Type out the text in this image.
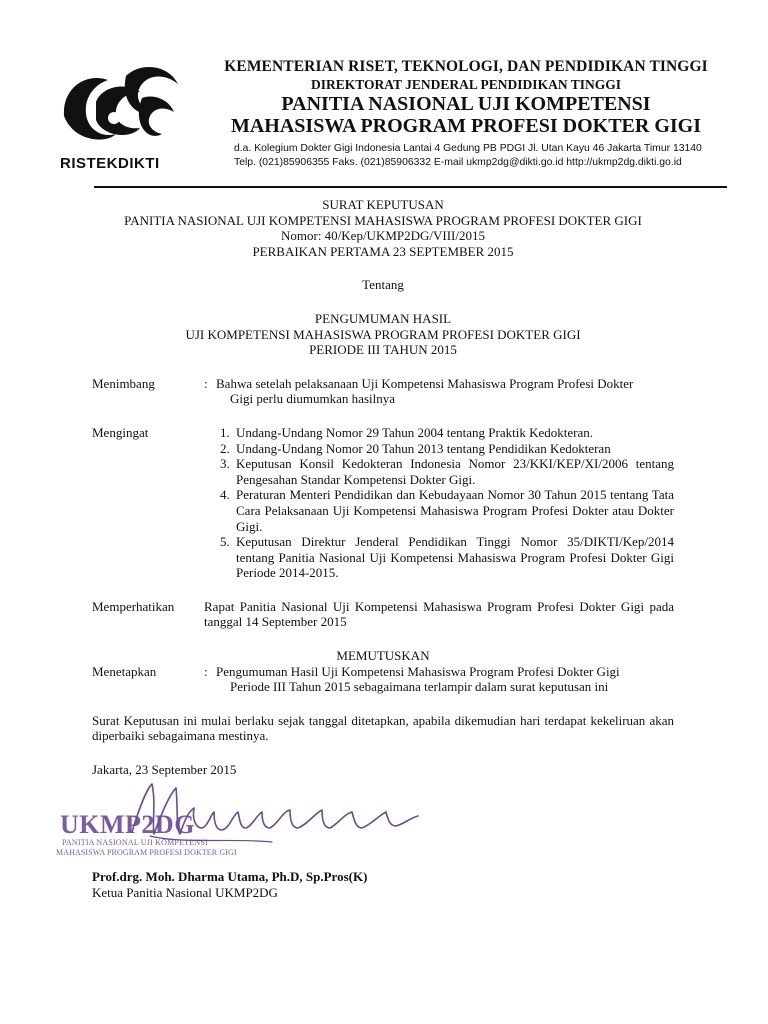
RISTEKDIKTI
KEMENTERIAN RISET, TEKNOLOGI, DAN PENDIDIKAN TINGGI
DIREKTORAT JENDERAL PENDIDIKAN TINGGI
PANITIA NASIONAL UJI KOMPETENSI
MAHASISWA PROGRAM PROFESI DOKTER GIGI
d.a. Kolegium Dokter Gigi Indonesia Lantai 4 Gedung PB PDGI Jl. Utan Kayu 46 Jakarta Timur 13140
Telp. (021)85906355 Faks. (021)85906332 E-mail ukmp2dg@dikti.go.id http://ukmp2dg.dikti.go.id
SURAT KEPUTUSAN
PANITIA NASIONAL UJI KOMPETENSI MAHASISWA PROGRAM PROFESI DOKTER GIGI
Nomor: 40/Kep/UKMP2DG/VIII/2015
PERBAIKAN PERTAMA 23 SEPTEMBER 2015
Tentang
PENGUMUMAN HASIL
UJI KOMPETENSI MAHASISWA PROGRAM PROFESI DOKTER GIGI
PERIODE III TAHUN 2015
Menimbang	: Bahwa setelah pelaksanaan Uji Kompetensi Mahasiswa Program Profesi Dokter
Gigi perlu diumumkan hasilnya
Mengingat	1. Undang-Undang Nomor 29 Tahun 2004 tentang Praktik Kedokteran.
2. Undang-Undang Nomor 20 Tahun 2013 tentang Pendidikan Kedokteran
3. Keputusan Konsil Kedokteran Indonesia Nomor 23/KKI/KEP/XI/2006 tentang Pengesahan Standar Kompetensi Dokter Gigi.
4. Peraturan Menteri Pendidikan dan Kebudayaan Nomor 30 Tahun 2015 tentang Tata Cara Pelaksanaan Uji Kompetensi Mahasiswa Program Profesi Dokter atau Dokter Gigi.
5. Keputusan Direktur Jenderal Pendidikan Tinggi Nomor 35/DIKTI/Kep/2014 tentang Panitia Nasional Uji Kompetensi Mahasiswa Program Profesi Dokter Gigi Periode 2014-2015.
Memperhatikan	Rapat Panitia Nasional Uji Kompetensi Mahasiswa Program Profesi Dokter Gigi pada tanggal 14 September 2015
MEMUTUSKAN
Menetapkan	: Pengumuman Hasil Uji Kompetensi Mahasiswa Program Profesi Dokter Gigi
Periode III Tahun 2015 sebagaimana terlampir dalam surat keputusan ini
Surat Keputusan ini mulai berlaku sejak tanggal ditetapkan, apabila dikemudian hari terdapat kekeliruan akan diperbaiki sebagaimana mestinya.
Jakarta, 23 September 2015
UKMP2DG
PANITIA NASIONAL UJI KOMPETENSI
MAHASISWA PROGRAM PROFESI DOKTER GIGI
Prof.drg. Moh. Dharma Utama, Ph.D, Sp.Pros(K)
Ketua Panitia Nasional UKMP2DG
